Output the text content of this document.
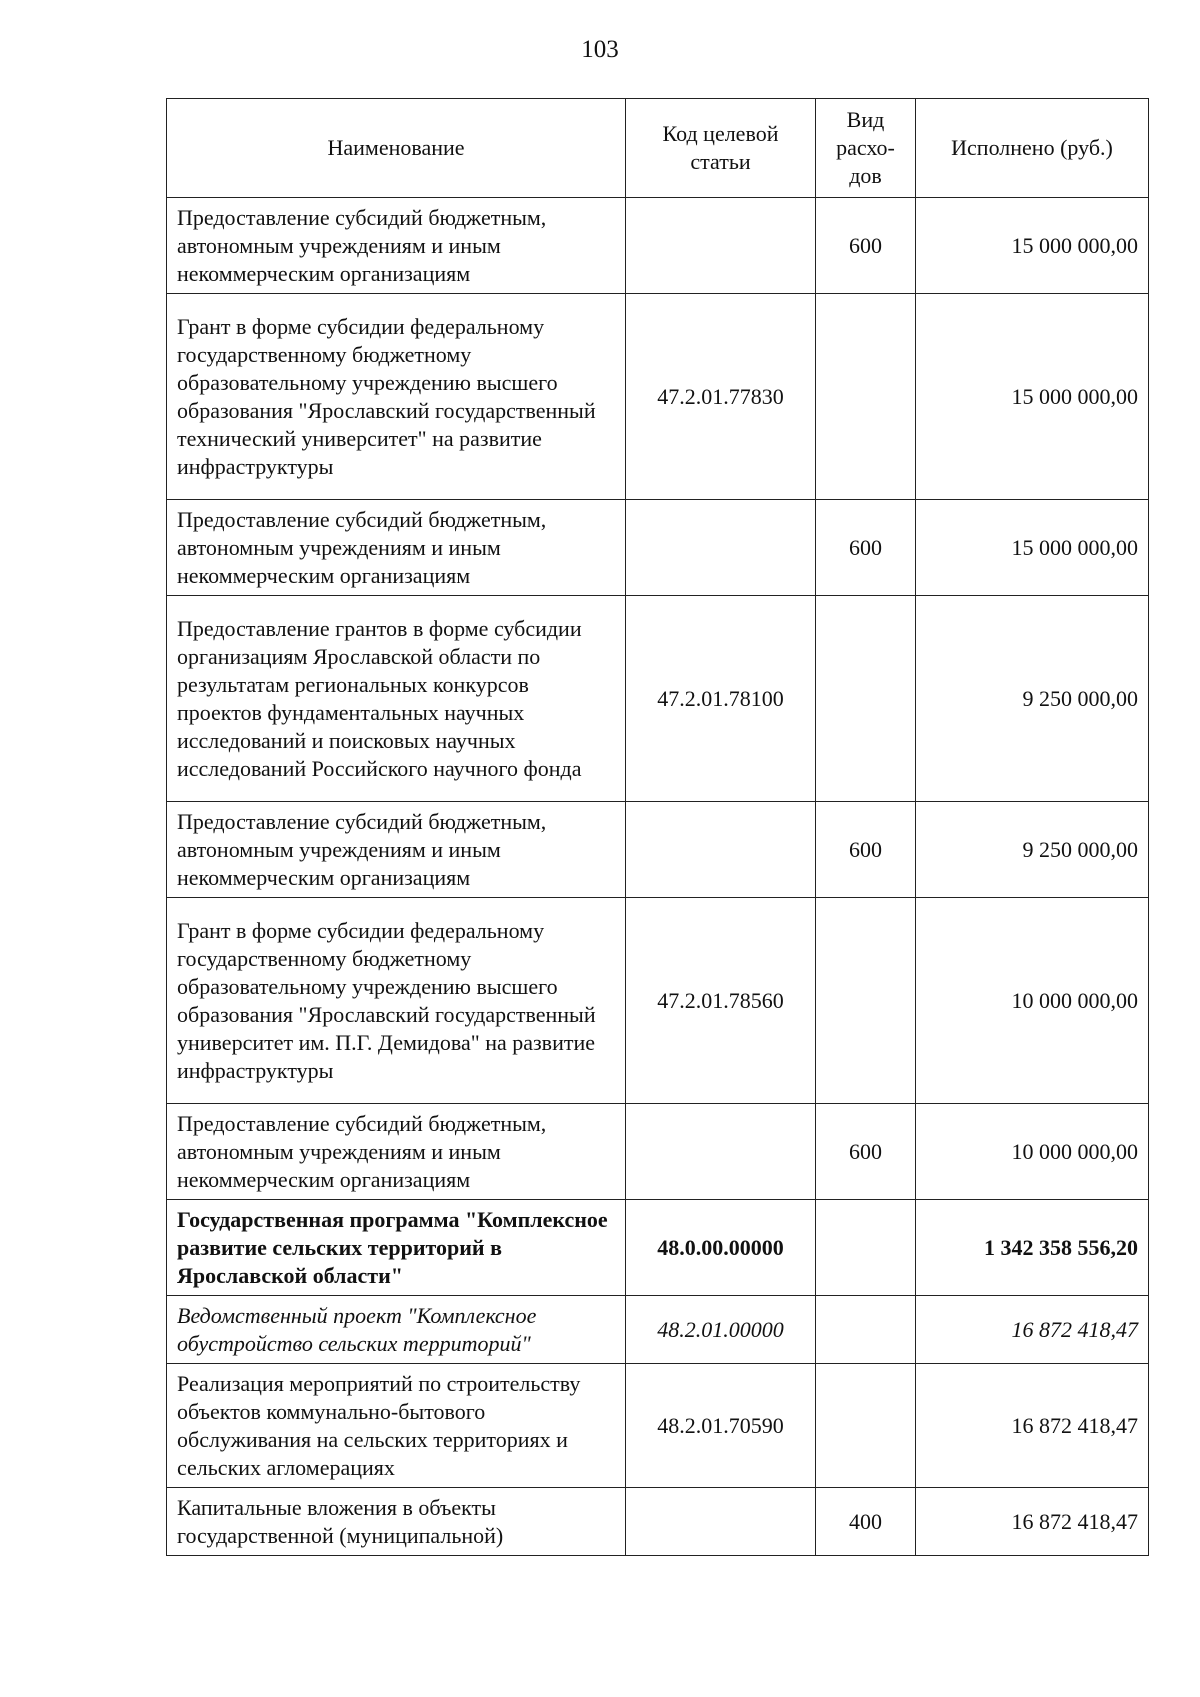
103
Наименование	Код целевой статьи	Вид расхо-дов	Исполнено (руб.)
Предоставление субсидий бюджетным, автономным учреждениям и иным некоммерческим организациям		600	15 000 000,00
Грант в форме субсидии федеральному государственному бюджетному образовательному учреждению высшего образования "Ярославский государственный технический университет" на развитие инфраструктуры	47.2.01.77830		15 000 000,00
Предоставление субсидий бюджетным, автономным учреждениям и иным некоммерческим организациям		600	15 000 000,00
Предоставление грантов в форме субсидии организациям Ярославской области по результатам региональных конкурсов проектов фундаментальных научных исследований и поисковых научных исследований Российского научного фонда	47.2.01.78100		9 250 000,00
Предоставление субсидий бюджетным, автономным учреждениям и иным некоммерческим организациям		600	9 250 000,00
Грант в форме субсидии федеральному государственному бюджетному образовательному учреждению высшего образования "Ярославский государственный университет им. П.Г. Демидова" на развитие инфраструктуры	47.2.01.78560		10 000 000,00
Предоставление субсидий бюджетным, автономным учреждениям и иным некоммерческим организациям		600	10 000 000,00
Государственная программа "Комплексное развитие сельских территорий в Ярославской области"	48.0.00.00000		1 342 358 556,20
Ведомственный проект "Комплексное обустройство сельских территорий"	48.2.01.00000		16 872 418,47
Реализация мероприятий по строительству объектов коммунально-бытового обслуживания на сельских территориях и сельских агломерациях	48.2.01.70590		16 872 418,47
Капитальные вложения в объекты государственной (муниципальной)		400	16 872 418,47
